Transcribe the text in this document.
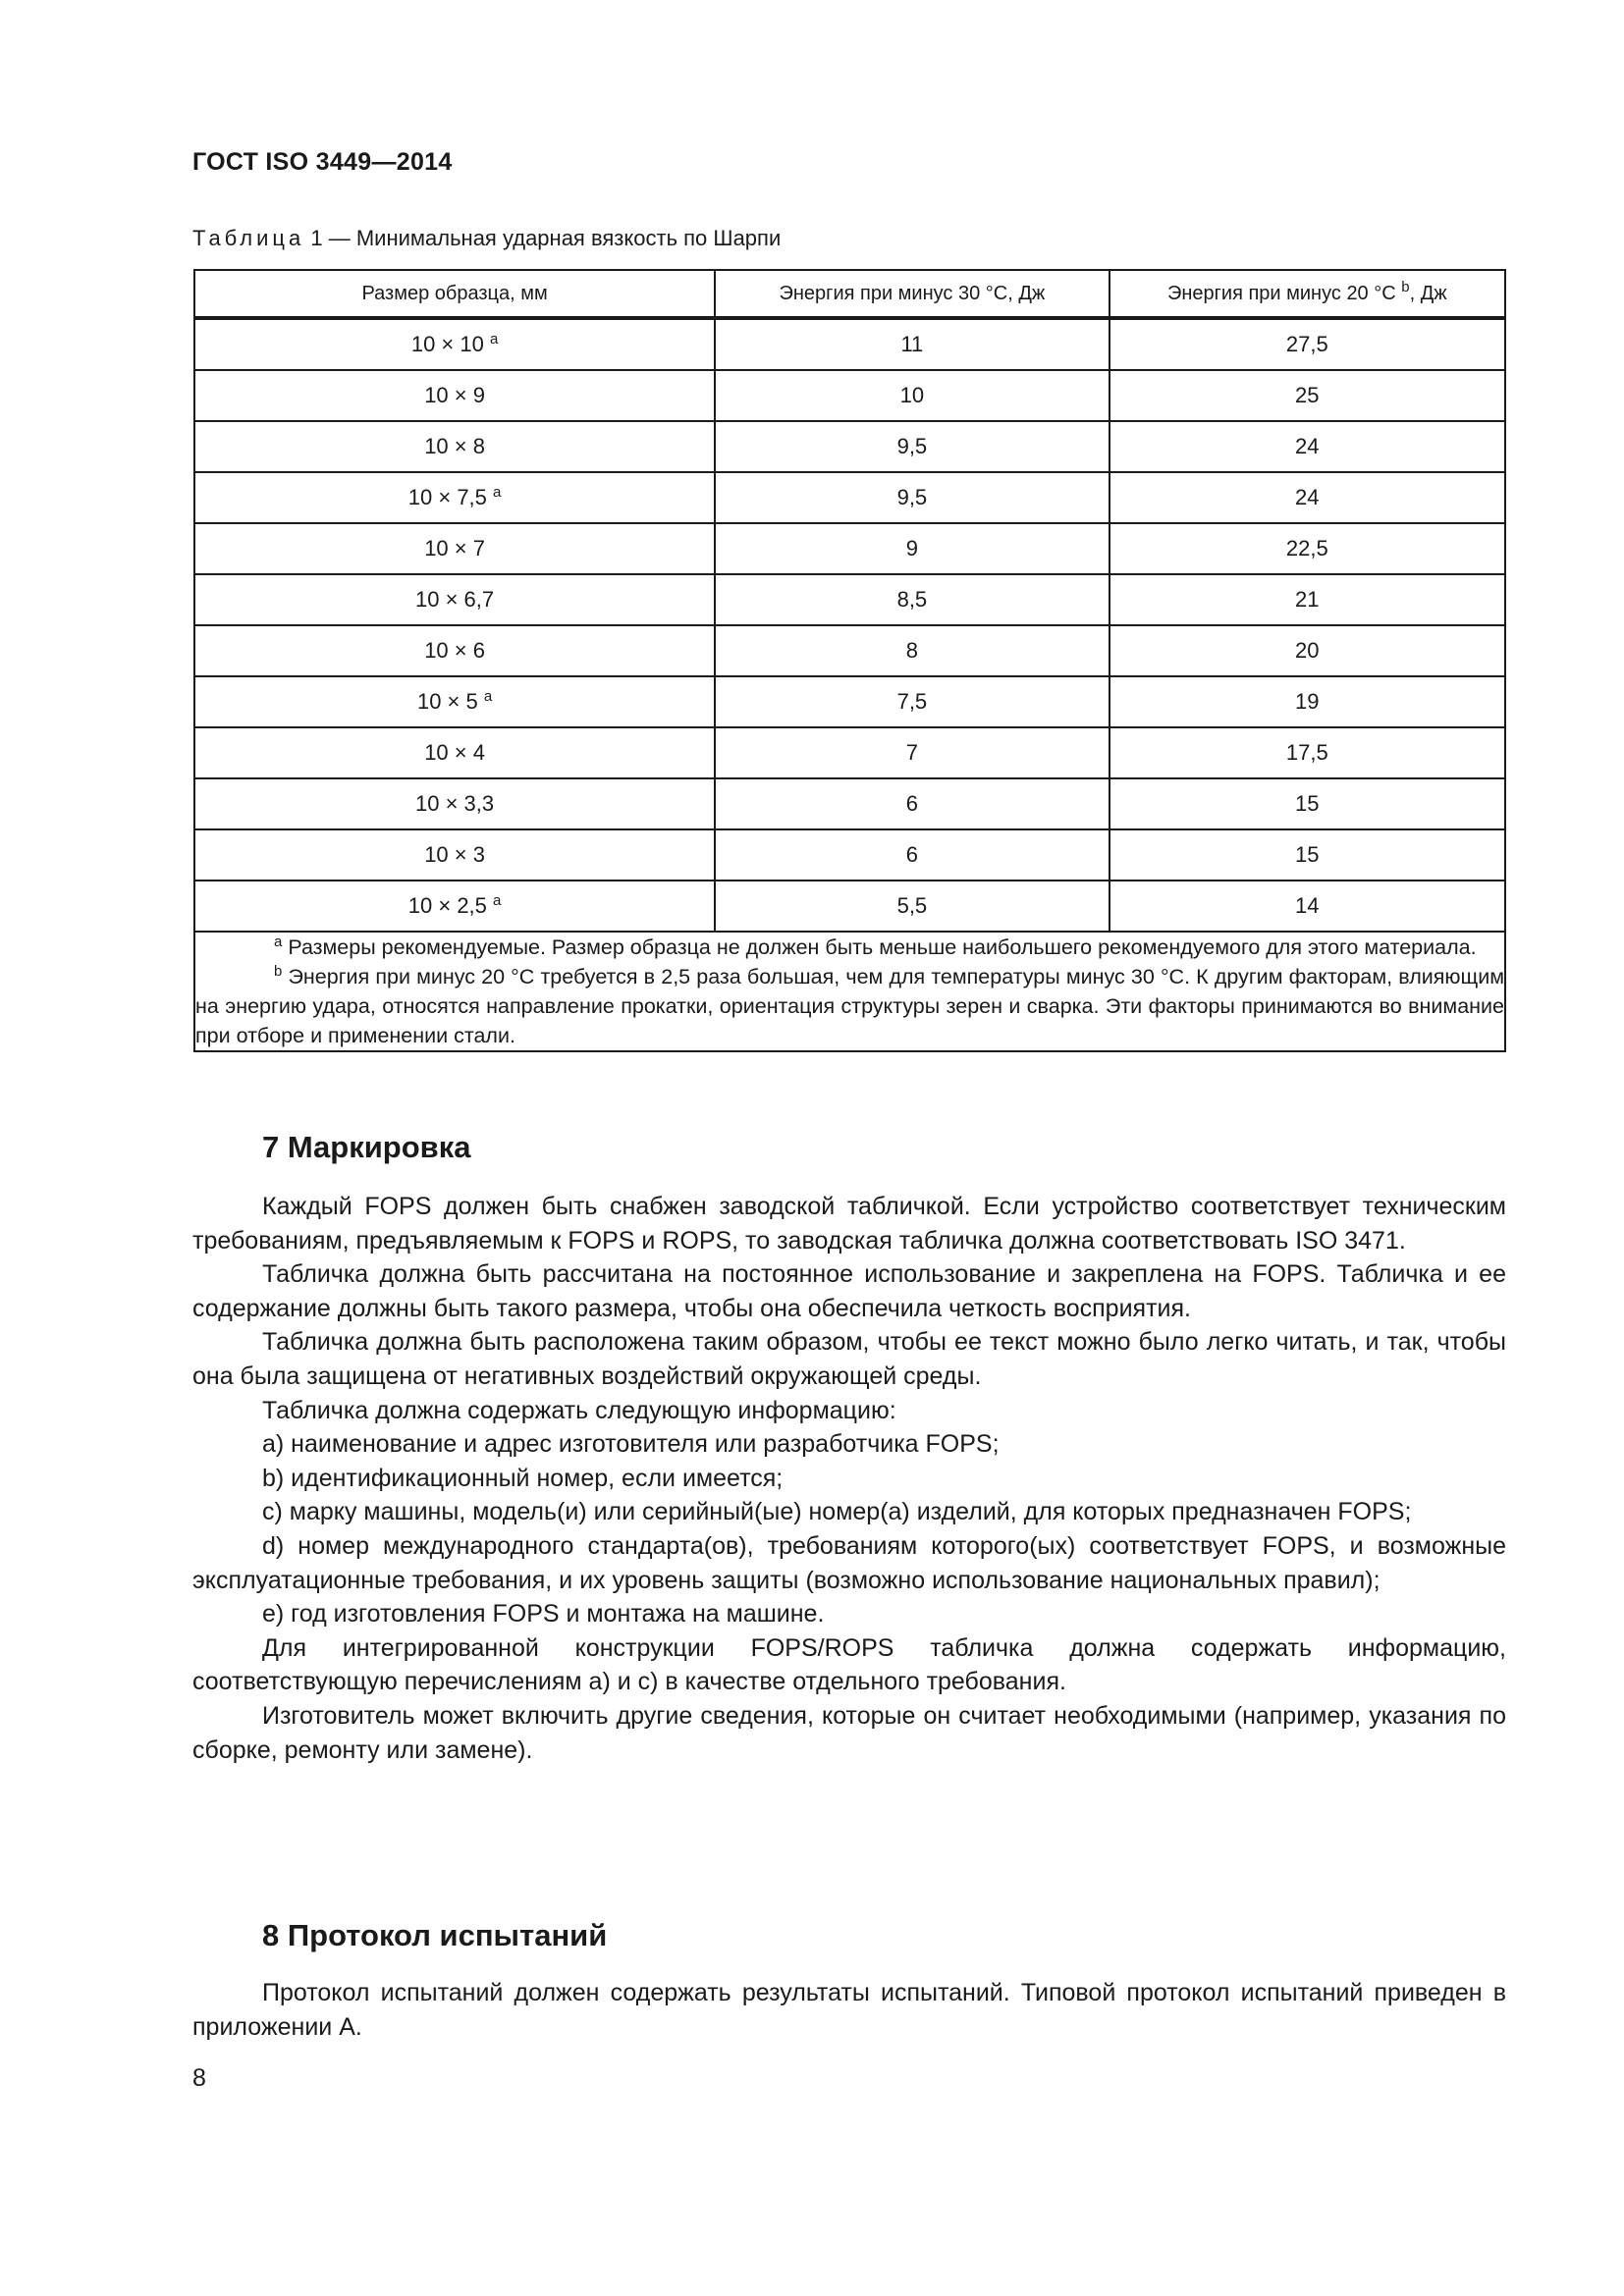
ГОСТ ISO 3449—2014
Таблица 1 — Минимальная ударная вязкость по Шарпи
Размер образца, мм	Энергия при минус 30 °С, Дж	Энергия при минус 20 °С $^b$, Дж
10 × 10 $^a$	11	27,5
10 × 9	10	25
10 × 8	9,5	24
10 × 7,5 $^a$	9,5	24
10 × 7	9	22,5
10 × 6,7	8,5	21
10 × 6	8	20
10 × 5 $^a$	7,5	19
10 × 4	7	17,5
10 × 3,3	6	15
10 × 3	6	15
10 × 2,5 $^a$	5,5	14

$^a$ Размеры рекомендуемые. Размер образца не должен быть меньше наибольшего рекомендуемого для этого материала.

$^b$ Энергия при минус 20 °С требуется в 2,5 раза большая, чем для температуры минус 30 °С. К другим факторам, влияющим на энергию удара, относятся направление прокатки, ориентация структуры зерен и сварка. Эти факторы принимаются во внимание при отборе и применении стали.		

7 Маркировка

Каждый FOPS должен быть снабжен заводской табличкой. Если устройство соответствует техническим требованиям, предъявляемым к FOPS и ROPS, то заводская табличка должна соответствовать ISO 3471.

Табличка должна быть рассчитана на постоянное использование и закреплена на FOPS. Табличка и ее содержание должны быть такого размера, чтобы она обеспечила четкость восприятия.

Табличка должна быть расположена таким образом, чтобы ее текст можно было легко читать, и так, чтобы она была защищена от негативных воздействий окружающей среды.

Табличка должна содержать следующую информацию:

а) наименование и адрес изготовителя или разработчика FOPS;

b) идентификационный номер, если имеется;

с) марку машины, модель(и) или серийный(ые) номер(а) изделий, для которых предназначен FOPS;

d) номер международного стандарта(ов), требованиям которого(ых) соответствует FOPS, и возможные эксплуатационные требования, и их уровень защиты (возможно использование национальных правил);

е) год изготовления FOPS и монтажа на машине.

Для интегрированной конструкции FOPS/ROPS табличка должна содержать информацию, соответствующую перечислениям а) и с) в качестве отдельного требования.

Изготовитель может включить другие сведения, которые он считает необходимыми (например, указания по сборке, ремонту или замене).

8 Протокол испытаний

Протокол испытаний должен содержать результаты испытаний. Типовой протокол испытаний приведен в приложении А.

8
